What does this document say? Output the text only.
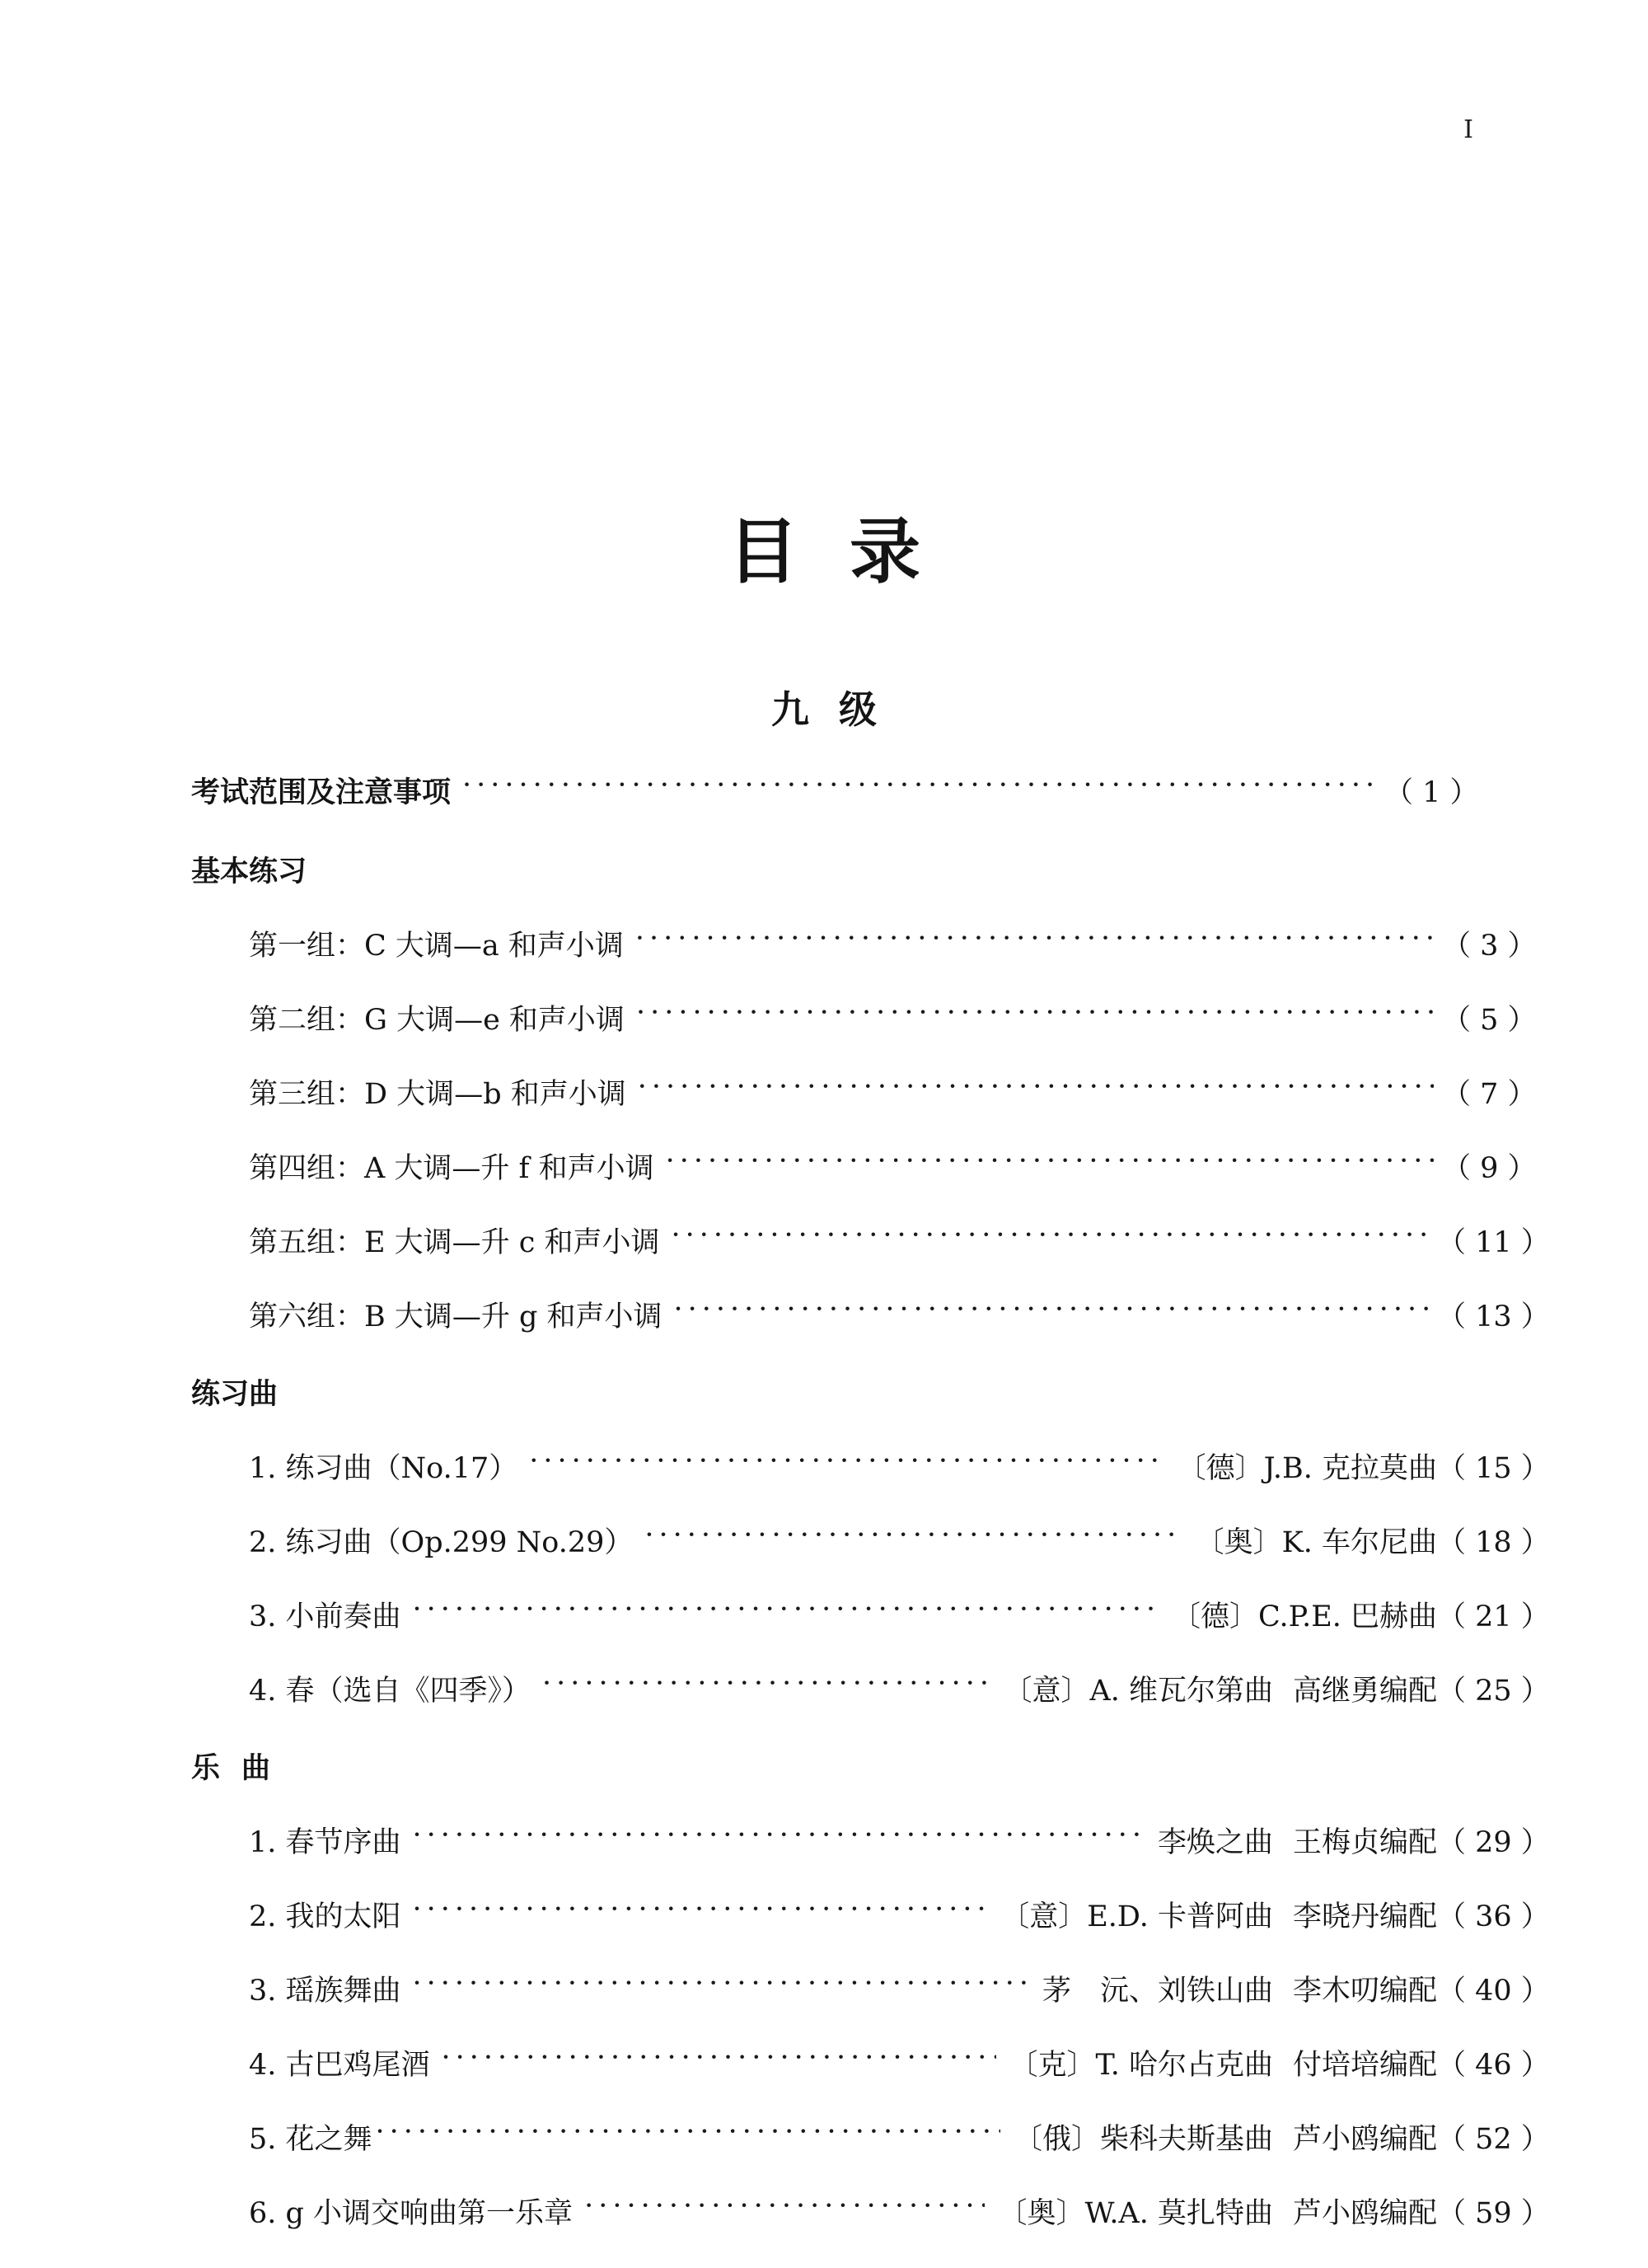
I
目录
九级
考试范围及注意事项 ·····	（ 1 ）
基本练习
第一组：C 大调—a 和声小调 ·····	（ 3 ）
第二组：G 大调—e 和声小调 ·····	（ 5 ）
第三组：D 大调—b 和声小调 ·····	（ 7 ）
第四组：A 大调—升 f 和声小调 ·····	（ 9 ）
第五组：E 大调—升 c 和声小调 ·····	（ 11 ）
第六组：B 大调—升 g 和声小调 ·····	（ 13 ）
练习曲
1. 练习曲（No.17） ·····	〔德〕J.B. 克拉莫曲 （ 15 ）
2. 练习曲（Op.299 No.29） ·····	〔奥〕K. 车尔尼曲 （ 18 ）
3. 小前奏曲 ·····	〔德〕C.P.E. 巴赫曲 （ 21 ）
4. 春（选自《四季》） ·····	〔意〕A. 维瓦尔第曲 高继勇编配 （ 25 ）
乐曲
1. 春节序曲 ·····	李焕之曲 王梅贞编配 （ 29 ）
2. 我的太阳 ·····	〔意〕E.D. 卡普阿曲 李晓丹编配 （ 36 ）
3. 瑶族舞曲 ·····	茅　沅、刘铁山曲 李木叨编配 （ 40 ）
4. 古巴鸡尾酒 ·····	〔克〕T. 哈尔占克曲 付培培编配 （ 46 ）
5. 花之舞 ·····	〔俄〕柴科夫斯基曲 芦小鸥编配 （ 52 ）
6. g 小调交响曲第一乐章 ·····	〔奥〕W.A. 莫扎特曲 芦小鸥编配 （ 59 ）
